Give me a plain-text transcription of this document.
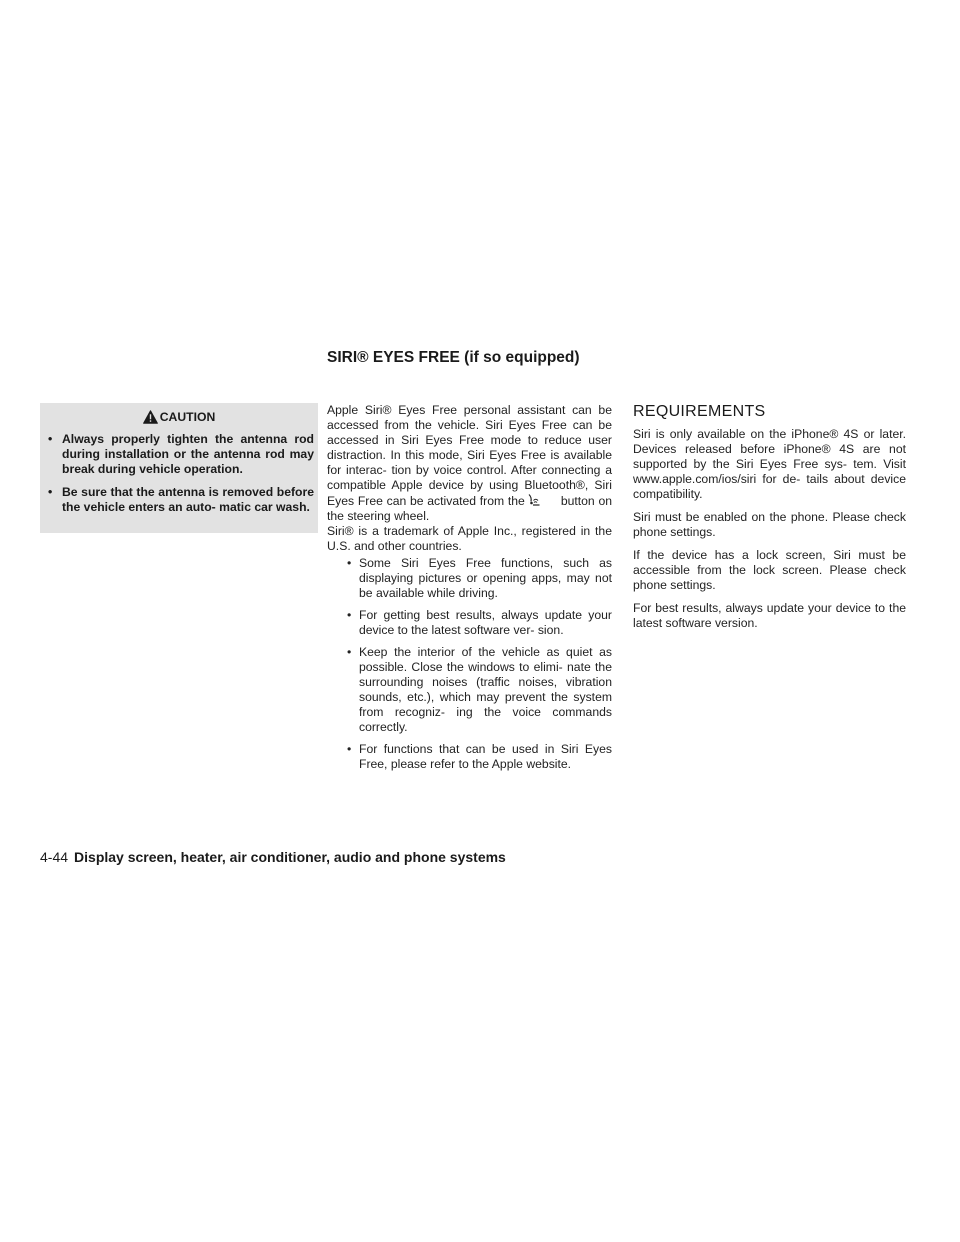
SIRI® EYES FREE (if so equipped)
CAUTION
• Always properly tighten the antenna rod during installation or the antenna rod may break during vehicle operation.
• Be sure that the antenna is removed before the vehicle enters an auto- matic car wash.

Apple Siri® Eyes Free personal assistant can be accessed from the vehicle. Siri Eyes Free can be accessed in Siri Eyes Free mode to reduce user distraction. In this mode, Siri Eyes Free is available for interac- tion by voice control. After connecting a compatible Apple device by using Bluetooth®, Siri Eyes Free can be activated from the	button on the steering wheel.

Siri® is a trademark of Apple Inc., registered in the U.S. and other countries.

• Some Siri Eyes Free functions, such as displaying pictures or opening apps, may not be available while driving.
• For getting best results, always update your device to the latest software ver- sion.
• Keep the interior of the vehicle as quiet as possible. Close the windows to elimi- nate the surrounding noises (traffic noises, vibration sounds, etc.), which may prevent the system from recogniz- ing the voice commands correctly.
• For functions that can be used in Siri Eyes Free, please refer to the Apple website.
REQUIREMENTS

Siri is only available on the iPhone® 4S or later. Devices released before iPhone® 4S are not supported by the Siri Eyes Free sys- tem. Visit www.apple.com/ios/siri for de- tails about device compatibility.

Siri must be enabled on the phone. Please check phone settings.

If the device has a lock screen, Siri must be accessible from the lock screen. Please check phone settings.

For best results, always update your device to the latest software version.

4-44 Display screen, heater, air conditioner, audio and phone systems
